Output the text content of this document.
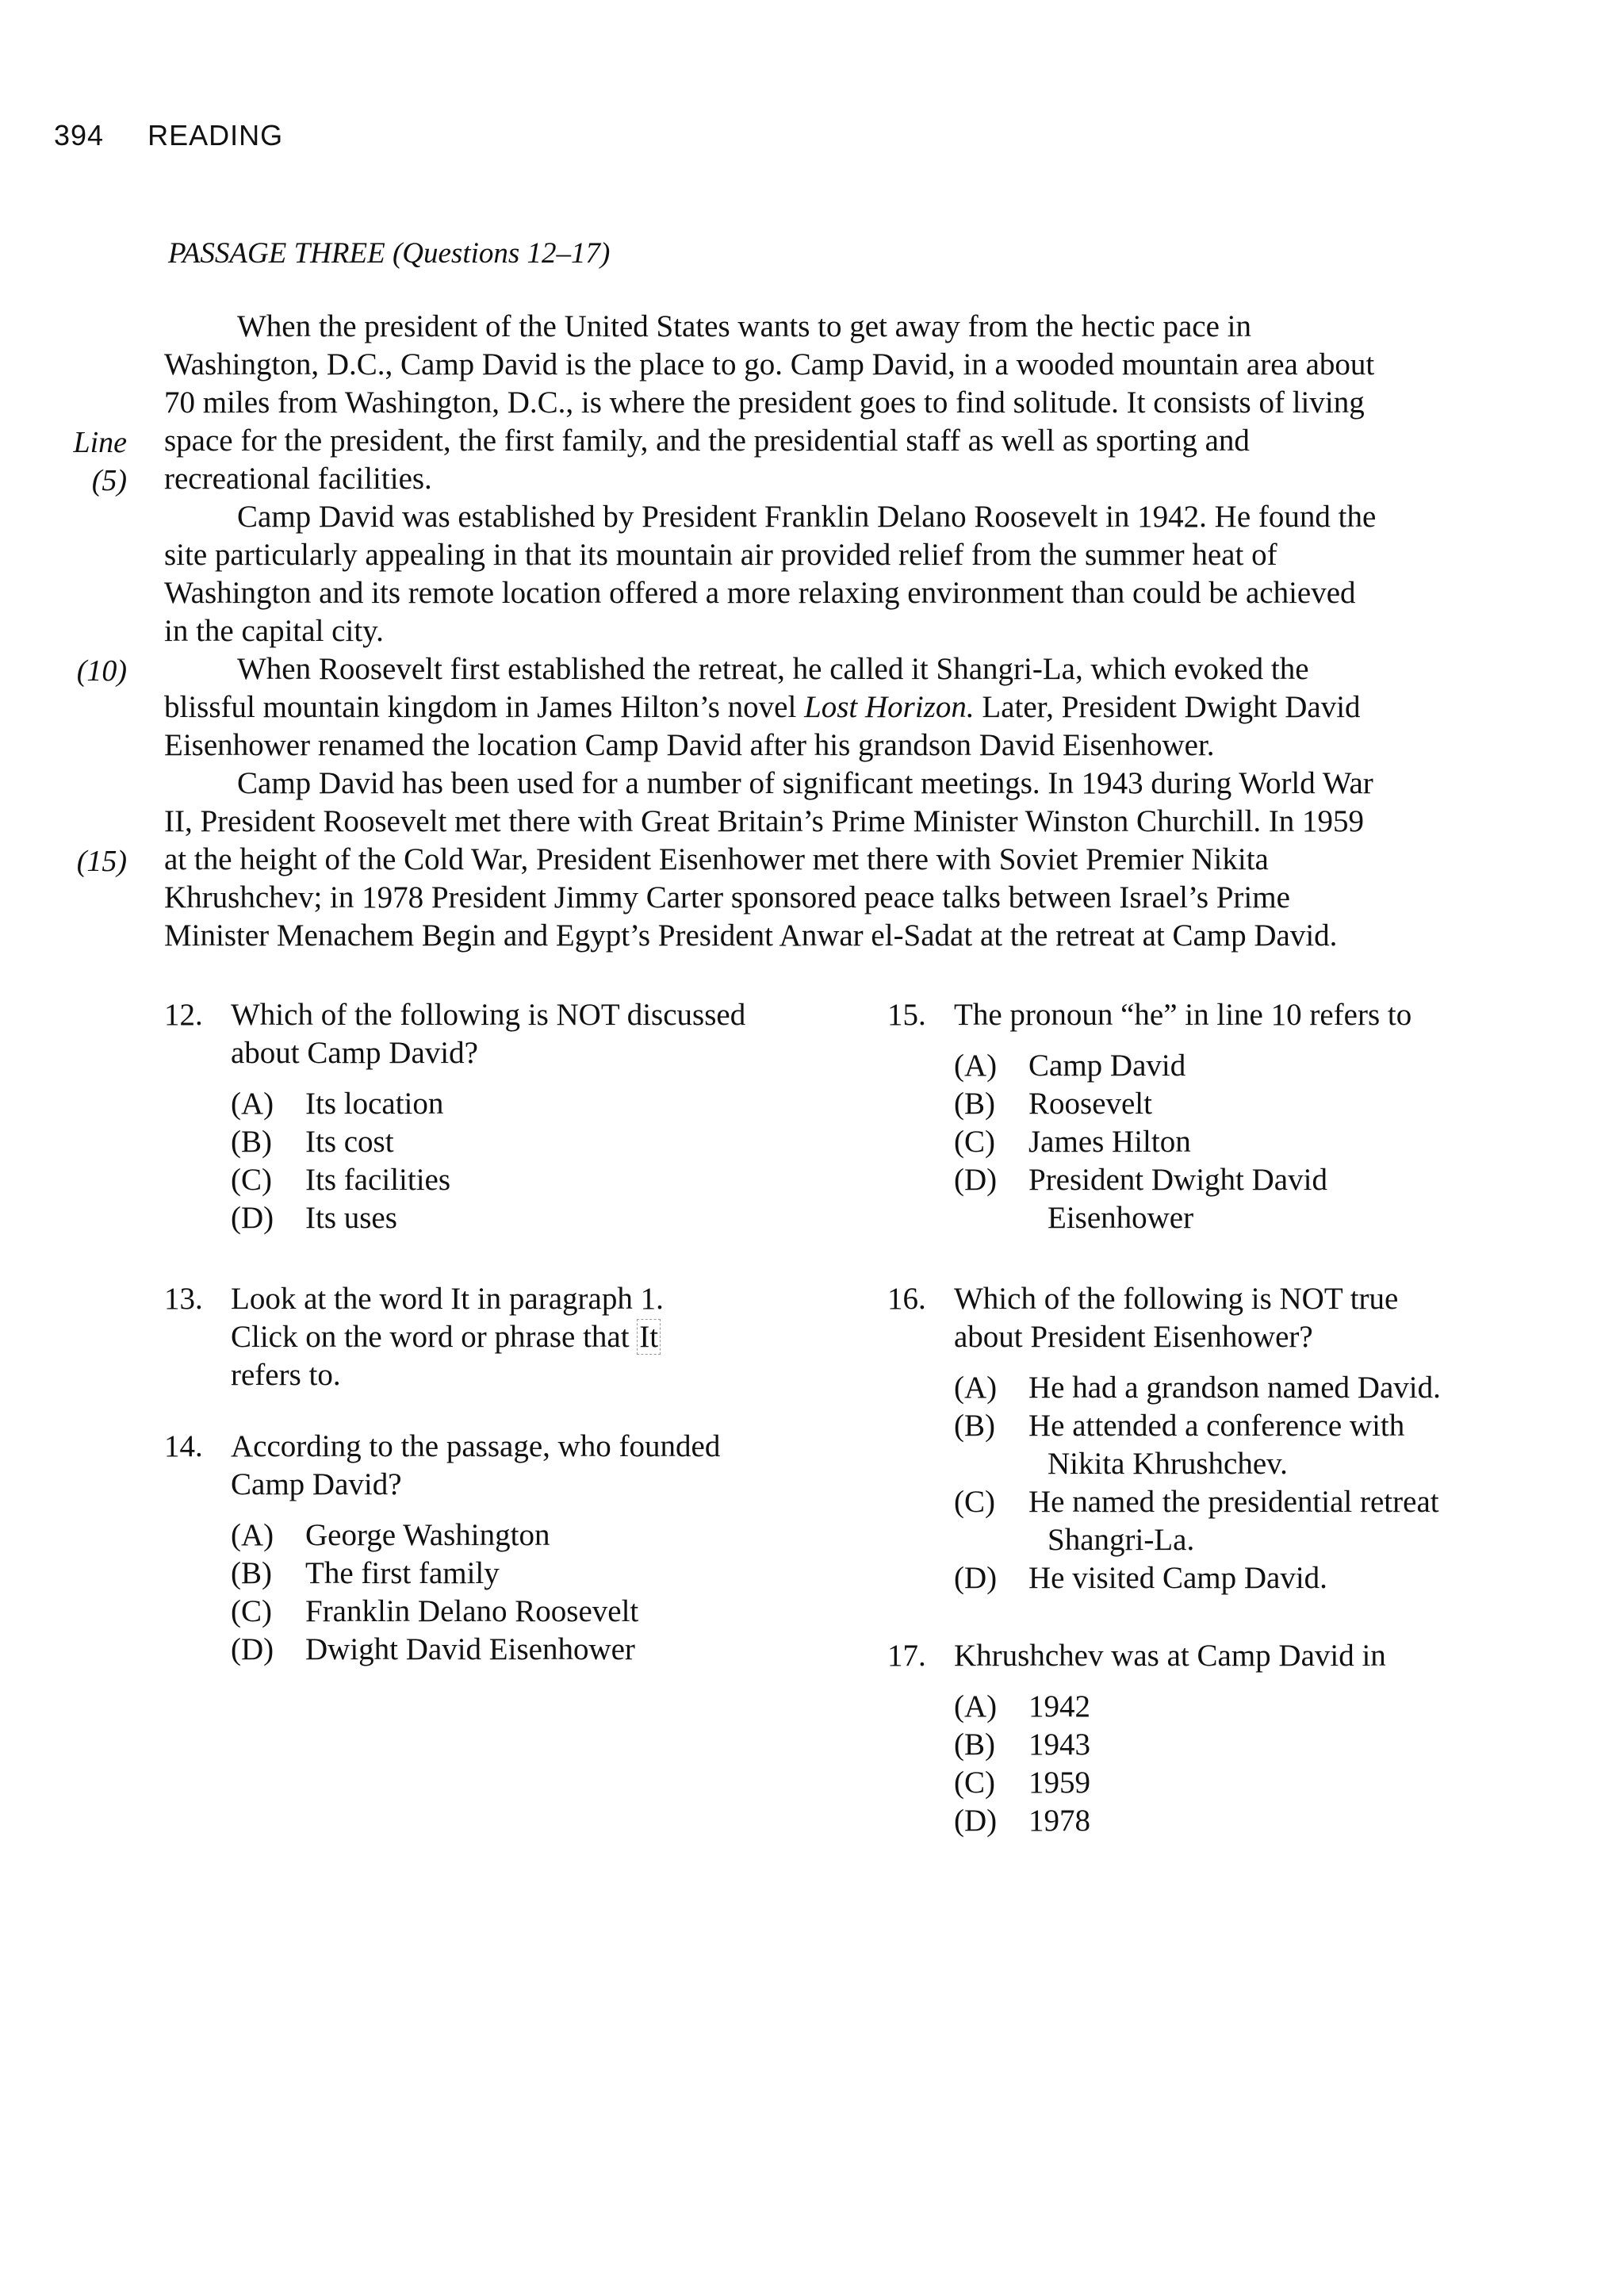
394 READING
PASSAGE THREE (Questions 12–17)
Line
(5)
(10)
(15)
When the president of the United States wants to get away from the hectic pace in
Washington, D.C., Camp David is the place to go. Camp David, in a wooded mountain area about
70 miles from Washington, D.C., is where the president goes to find solitude. It consists of living
space for the president, the first family, and the presidential staff as well as sporting and
recreational facilities.
Camp David was established by President Franklin Delano Roosevelt in 1942. He found the
site particularly appealing in that its mountain air provided relief from the summer heat of
Washington and its remote location offered a more relaxing environment than could be achieved
in the capital city.
When Roosevelt first established the retreat, he called it Shangri-La, which evoked the
blissful mountain kingdom in James Hilton’s novel Lost Horizon. Later, President Dwight David
Eisenhower renamed the location Camp David after his grandson David Eisenhower.
Camp David has been used for a number of significant meetings. In 1943 during World War
II, President Roosevelt met there with Great Britain’s Prime Minister Winston Churchill. In 1959
at the height of the Cold War, President Eisenhower met there with Soviet Premier Nikita
Khrushchev; in 1978 President Jimmy Carter sponsored peace talks between Israel’s Prime
Minister Menachem Begin and Egypt’s President Anwar el-Sadat at the retreat at Camp David.
12. Which of the following is NOT discussed
about Camp David?
(A)	Its location
(B)	Its cost
(C)	Its facilities
(D)	Its uses
13. Look at the word It in paragraph 1.
Click on the word or phrase that It
refers to.
14. According to the passage, who founded
Camp David?
(A)	George Washington
(B)	The first family
(C)	Franklin Delano Roosevelt
(D)	Dwight David Eisenhower
15. The pronoun “he” in line 10 refers to
(A)	Camp David
(B)	Roosevelt
(C)	James Hilton
(D)	President Dwight David
Eisenhower
16. Which of the following is NOT true
about President Eisenhower?
(A)	He had a grandson named David.
(B)	He attended a conference with
Nikita Khrushchev.
(C)	He named the presidential retreat
Shangri-La.
(D)	He visited Camp David.
17. Khrushchev was at Camp David in
(A)	1942
(B)	1943
(C)	1959
(D)	1978
